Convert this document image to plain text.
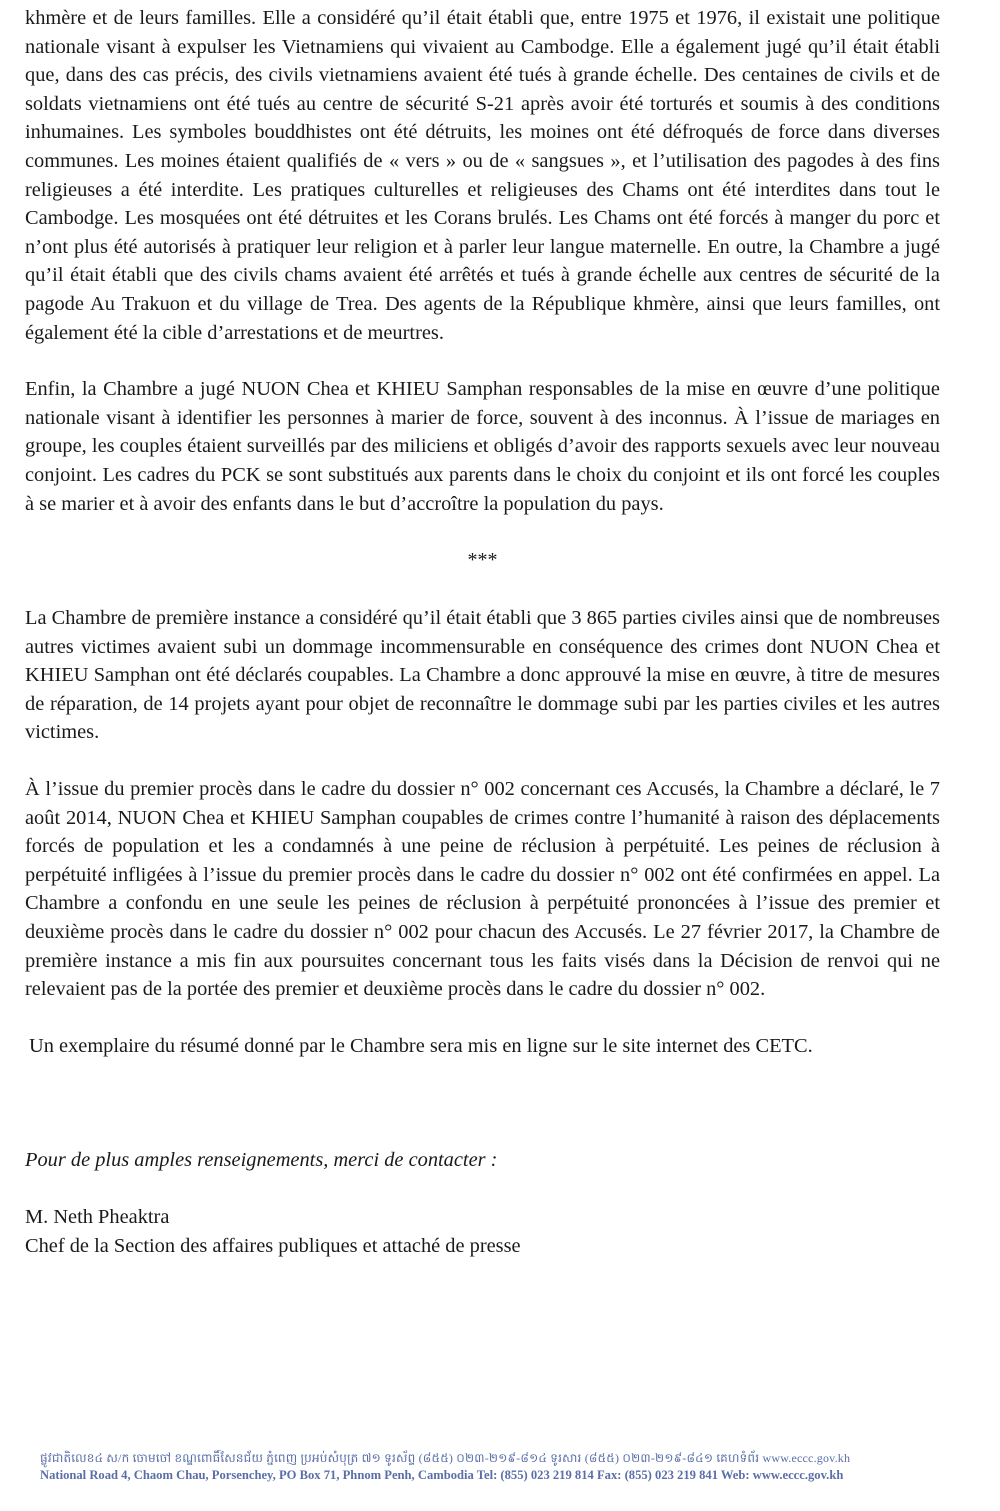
khmère et de leurs familles. Elle a considéré qu’il était établi que, entre 1975 et 1976, il existait une politique nationale visant à expulser les Vietnamiens qui vivaient au Cambodge. Elle a également jugé qu’il était établi que, dans des cas précis, des civils vietnamiens avaient été tués à grande échelle. Des centaines de civils et de soldats vietnamiens ont été tués au centre de sécurité S-21 après avoir été torturés et soumis à des conditions inhumaines. Les symboles bouddhistes ont été détruits, les moines ont été défroqués de force dans diverses communes. Les moines étaient qualifiés de « vers » ou de « sangsues », et l’utilisation des pagodes à des fins religieuses a été interdite. Les pratiques culturelles et religieuses des Chams ont été interdites dans tout le Cambodge. Les mosquées ont été détruites et les Corans brulés. Les Chams ont été forcés à manger du porc et n’ont plus été autorisés à pratiquer leur religion et à parler leur langue maternelle. En outre, la Chambre a jugé qu’il était établi que des civils chams avaient été arrêtés et tués à grande échelle aux centres de sécurité de la pagode Au Trakuon et du village de Trea. Des agents de la République khmère, ainsi que leurs familles, ont également été la cible d’arrestations et de meurtres.

Enfin, la Chambre a jugé NUON Chea et KHIEU Samphan responsables de la mise en œuvre d’une politique nationale visant à identifier les personnes à marier de force, souvent à des inconnus. À l’issue de mariages en groupe, les couples étaient surveillés par des miliciens et obligés d’avoir des rapports sexuels avec leur nouveau conjoint. Les cadres du PCK se sont substitués aux parents dans le choix du conjoint et ils ont forcé les couples à se marier et à avoir des enfants dans le but d’accroître la population du pays.

***

La Chambre de première instance a considéré qu’il était établi que 3 865 parties civiles ainsi que de nombreuses autres victimes avaient subi un dommage incommensurable en conséquence des crimes dont NUON Chea et KHIEU Samphan ont été déclarés coupables. La Chambre a donc approuvé la mise en œuvre, à titre de mesures de réparation, de 14 projets ayant pour objet de reconnaître le dommage subi par les parties civiles et les autres victimes.

À l’issue du premier procès dans le cadre du dossier n° 002 concernant ces Accusés, la Chambre a déclaré, le 7 août 2014, NUON Chea et KHIEU Samphan coupables de crimes contre l’humanité à raison des déplacements forcés de population et les a condamnés à une peine de réclusion à perpétuité. Les peines de réclusion à perpétuité infligées à l’issue du premier procès dans le cadre du dossier n° 002 ont été confirmées en appel. La Chambre a confondu en une seule les peines de réclusion à perpétuité prononcées à l’issue des premier et deuxième procès dans le cadre du dossier n° 002 pour chacun des Accusés. Le 27 février 2017, la Chambre de première instance a mis fin aux poursuites concernant tous les faits visés dans la Décision de renvoi qui ne relevaient pas de la portée des premier et deuxième procès dans le cadre du dossier n° 002.

Un exemplaire du résumé donné par le Chambre sera mis en ligne sur le site internet des CETC.

Pour de plus amples renseignements, merci de contacter :

M. Neth Pheaktra

Chef de la Section des affaires publiques et attaché de presse

ផ្លូវជាតិលេខ៤ ស/ក ចោមចៅ ខណ្ឌពោធិ៍សែនជ័យ ភ្នំពេញ ប្រអប់សំបុត្រ ៧១ ទូរស័ព្ទ (៨៥៥) ០២៣-២១៩-៨១៤ ទូរសារ (៨៥៥) ០២៣-២១៩-៨៤១ គេហទំព័រ www.eccc.gov.kh
National Road 4, Chaom Chau, Porsenchey, PO Box 71, Phnom Penh, Cambodia Tel: (855) 023 219 814 Fax: (855) 023 219 841 Web: www.eccc.gov.kh
